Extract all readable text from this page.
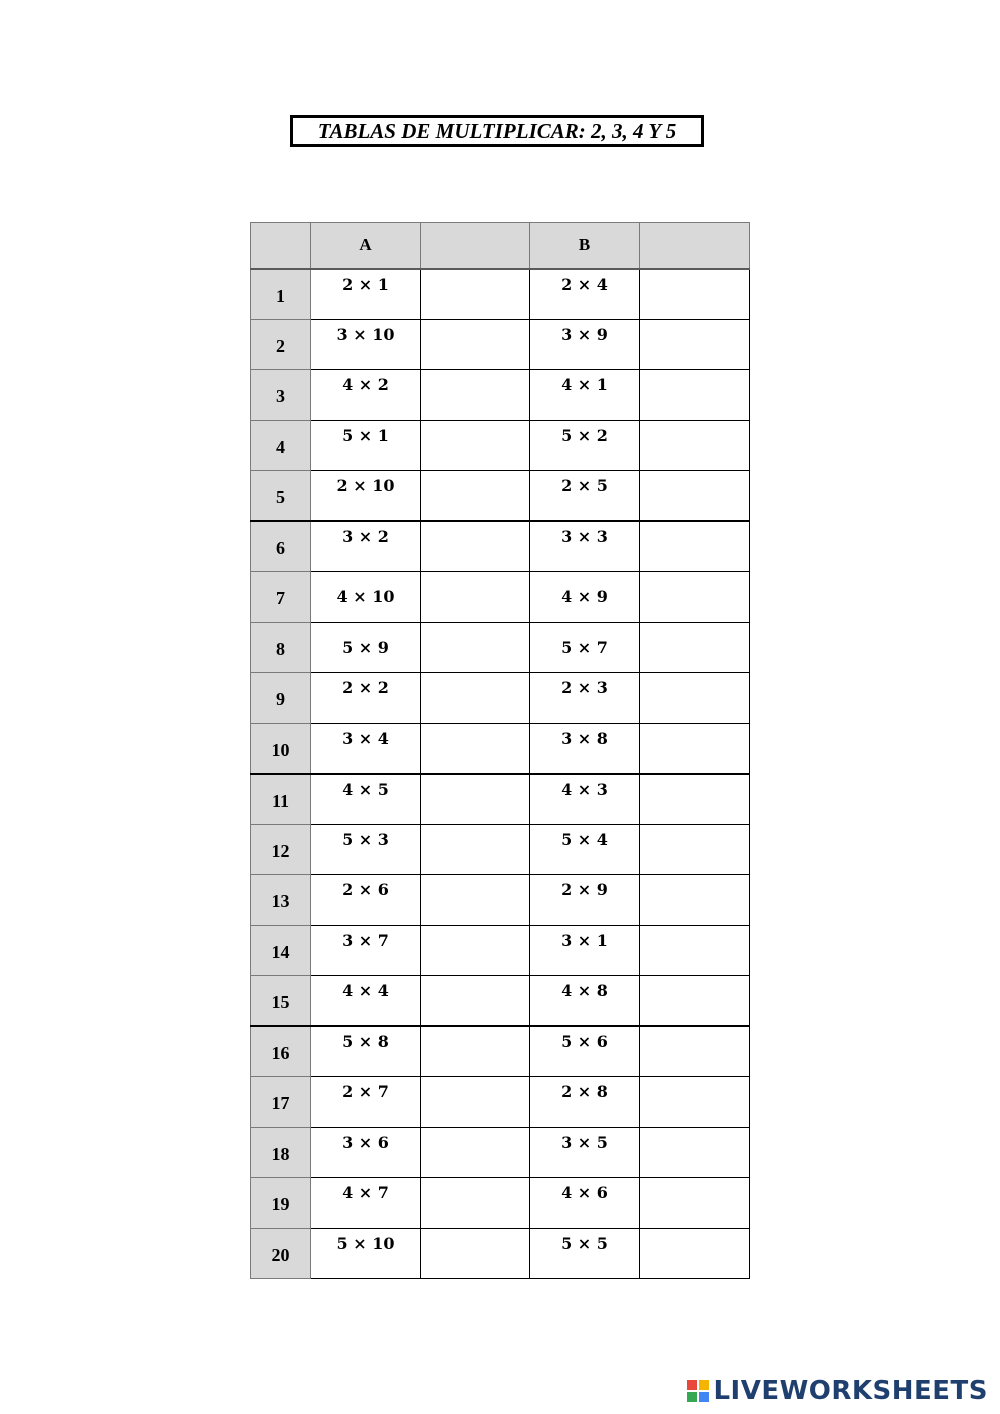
TABLAS DE MULTIPLICAR: 2, 3, 4 Y 5
	A		B	
1	2 × 1		2 × 4	
2	3 × 10		3 × 9	
3	4 × 2		4 × 1	
4	5 × 1		5 × 2	
5	2 × 10		2 × 5	
6	3 × 2		3 × 3	
7	4 × 10		4 × 9	
8	5 × 9		5 × 7	
9	2 × 2		2 × 3	
10	3 × 4		3 × 8	
11	4 × 5		4 × 3	
12	5 × 3		5 × 4	
13	2 × 6		2 × 9	
14	3 × 7		3 × 1	
15	4 × 4		4 × 8	
16	5 × 8		5 × 6	
17	2 × 7		2 × 8	
18	3 × 6		3 × 5	
19	4 × 7		4 × 6	
20	5 × 10		5 × 5	
LIVEWORKSHEETS
